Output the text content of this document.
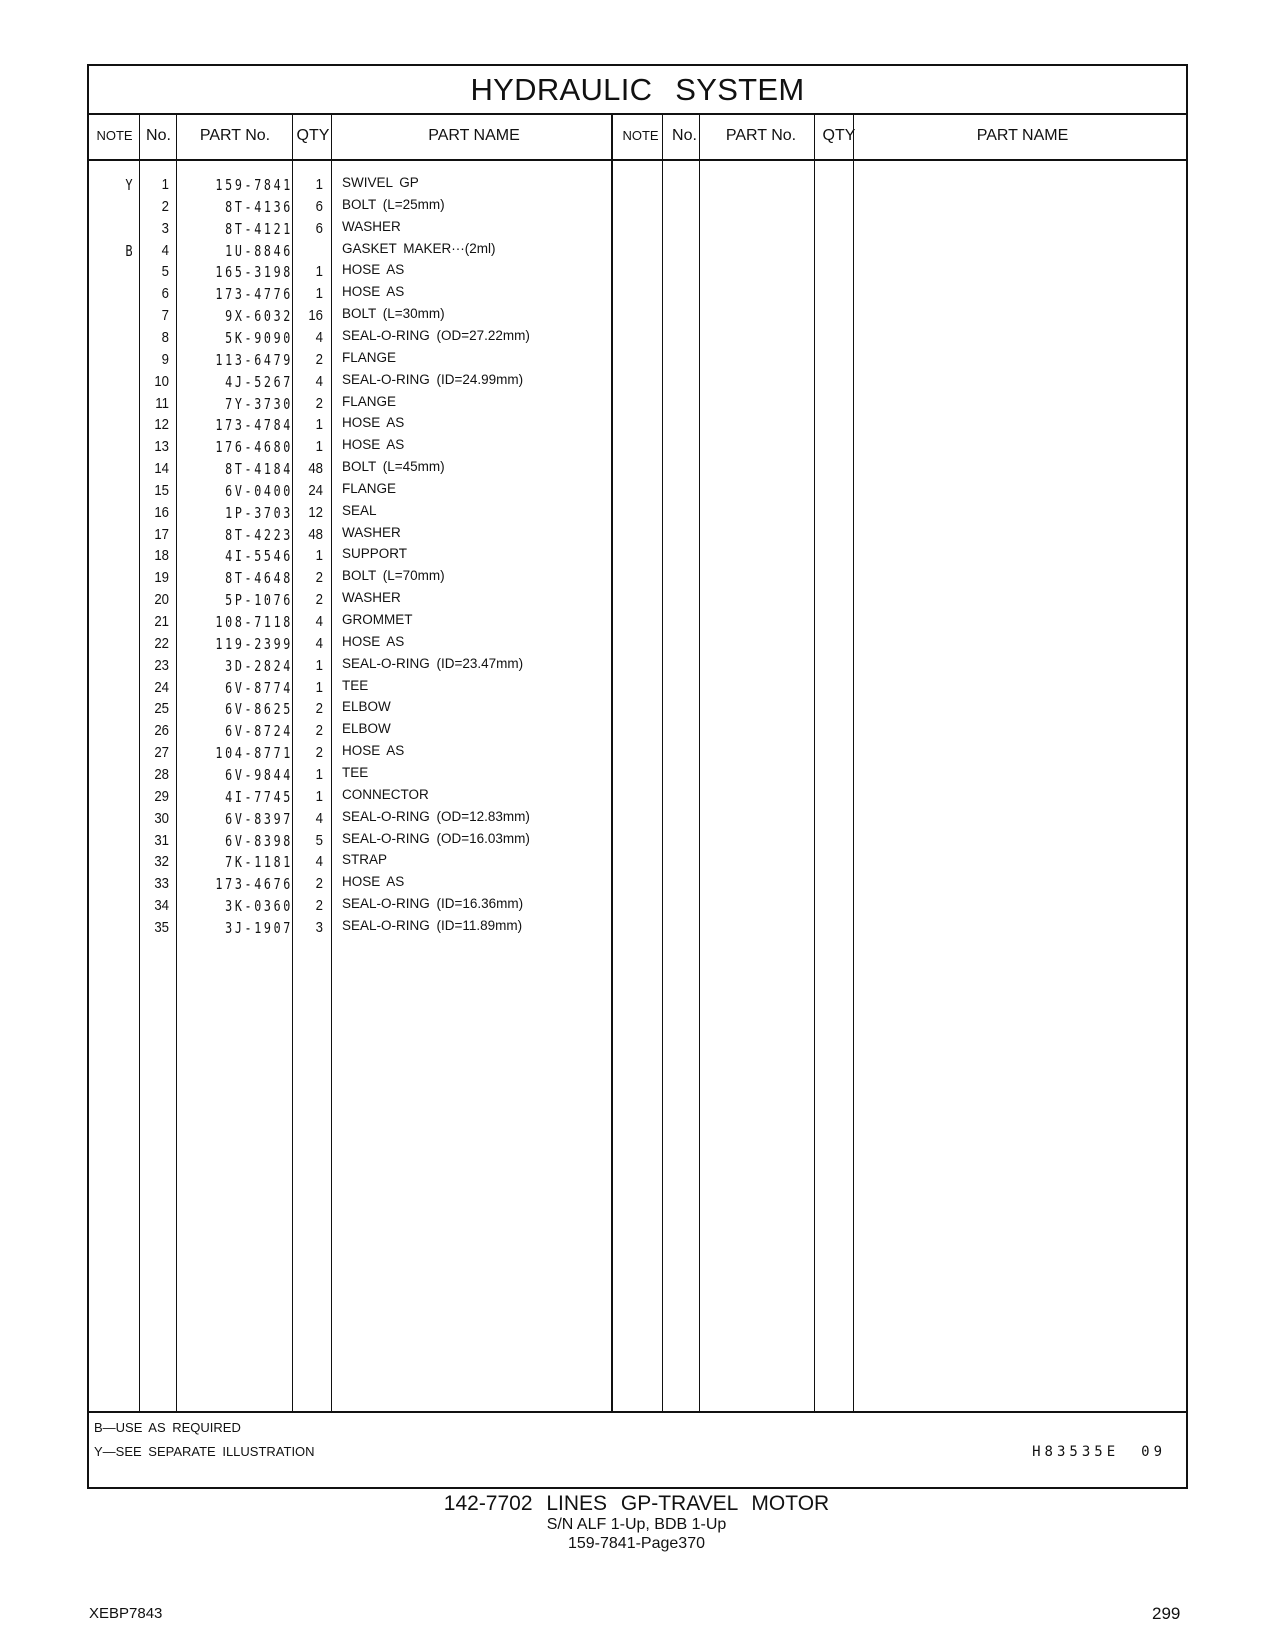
HYDRAULIC SYSTEM
NOTE No.	PART No.	QTY	PART NAME	NOTE No.	PART No.	QTY	PART NAME
Y	1	159-7841	1 SWIVEL GP
2	8T-4136	6 BOLT (L=25mm)
3	8T-4121	6 WASHER
B	4	1U-8846	GASKET MAKER···(2ml)
5	165-3198	1 HOSE AS
6	173-4776	1 HOSE AS
7	9X-6032	16 BOLT (L=30mm)
8	5K-9090	4 SEAL-O-RING (OD=27.22mm)
9	113-6479	2 FLANGE
10	4J-5267	4 SEAL-O-RING (ID=24.99mm)
11	7Y-3730	2 FLANGE
12	173-4784	1 HOSE AS
13	176-4680	1 HOSE AS
14	8T-4184	48 BOLT (L=45mm)
15	6V-0400	24 FLANGE
16	1P-3703	12 SEAL
17	8T-4223	48 WASHER
18	4I-5546	1 SUPPORT
19	8T-4648	2 BOLT (L=70mm)
20	5P-1076	2 WASHER
21	108-7118	4 GROMMET
22	119-2399	4 HOSE AS
23	3D-2824	1 SEAL-O-RING (ID=23.47mm)
24	6V-8774	1 TEE
25	6V-8625	2 ELBOW
26	6V-8724	2 ELBOW
27	104-8771	2 HOSE AS
28	6V-9844	1 TEE
29	4I-7745	1 CONNECTOR
30	6V-8397	4 SEAL-O-RING (OD=12.83mm)
31	6V-8398	5 SEAL-O-RING (OD=16.03mm)
32	7K-1181	4 STRAP
33	173-4676	2 HOSE AS
34	3K-0360	2 SEAL-O-RING (ID=16.36mm)
35	3J-1907	3 SEAL-O-RING (ID=11.89mm)
B—USE AS REQUIRED
Y—SEE SEPARATE ILLUSTRATION	H83535E 09
142-7702 LINES GP-TRAVEL MOTOR
S/N ALF 1-Up, BDB 1-Up
159-7841-Page370
XEBP7843	299
